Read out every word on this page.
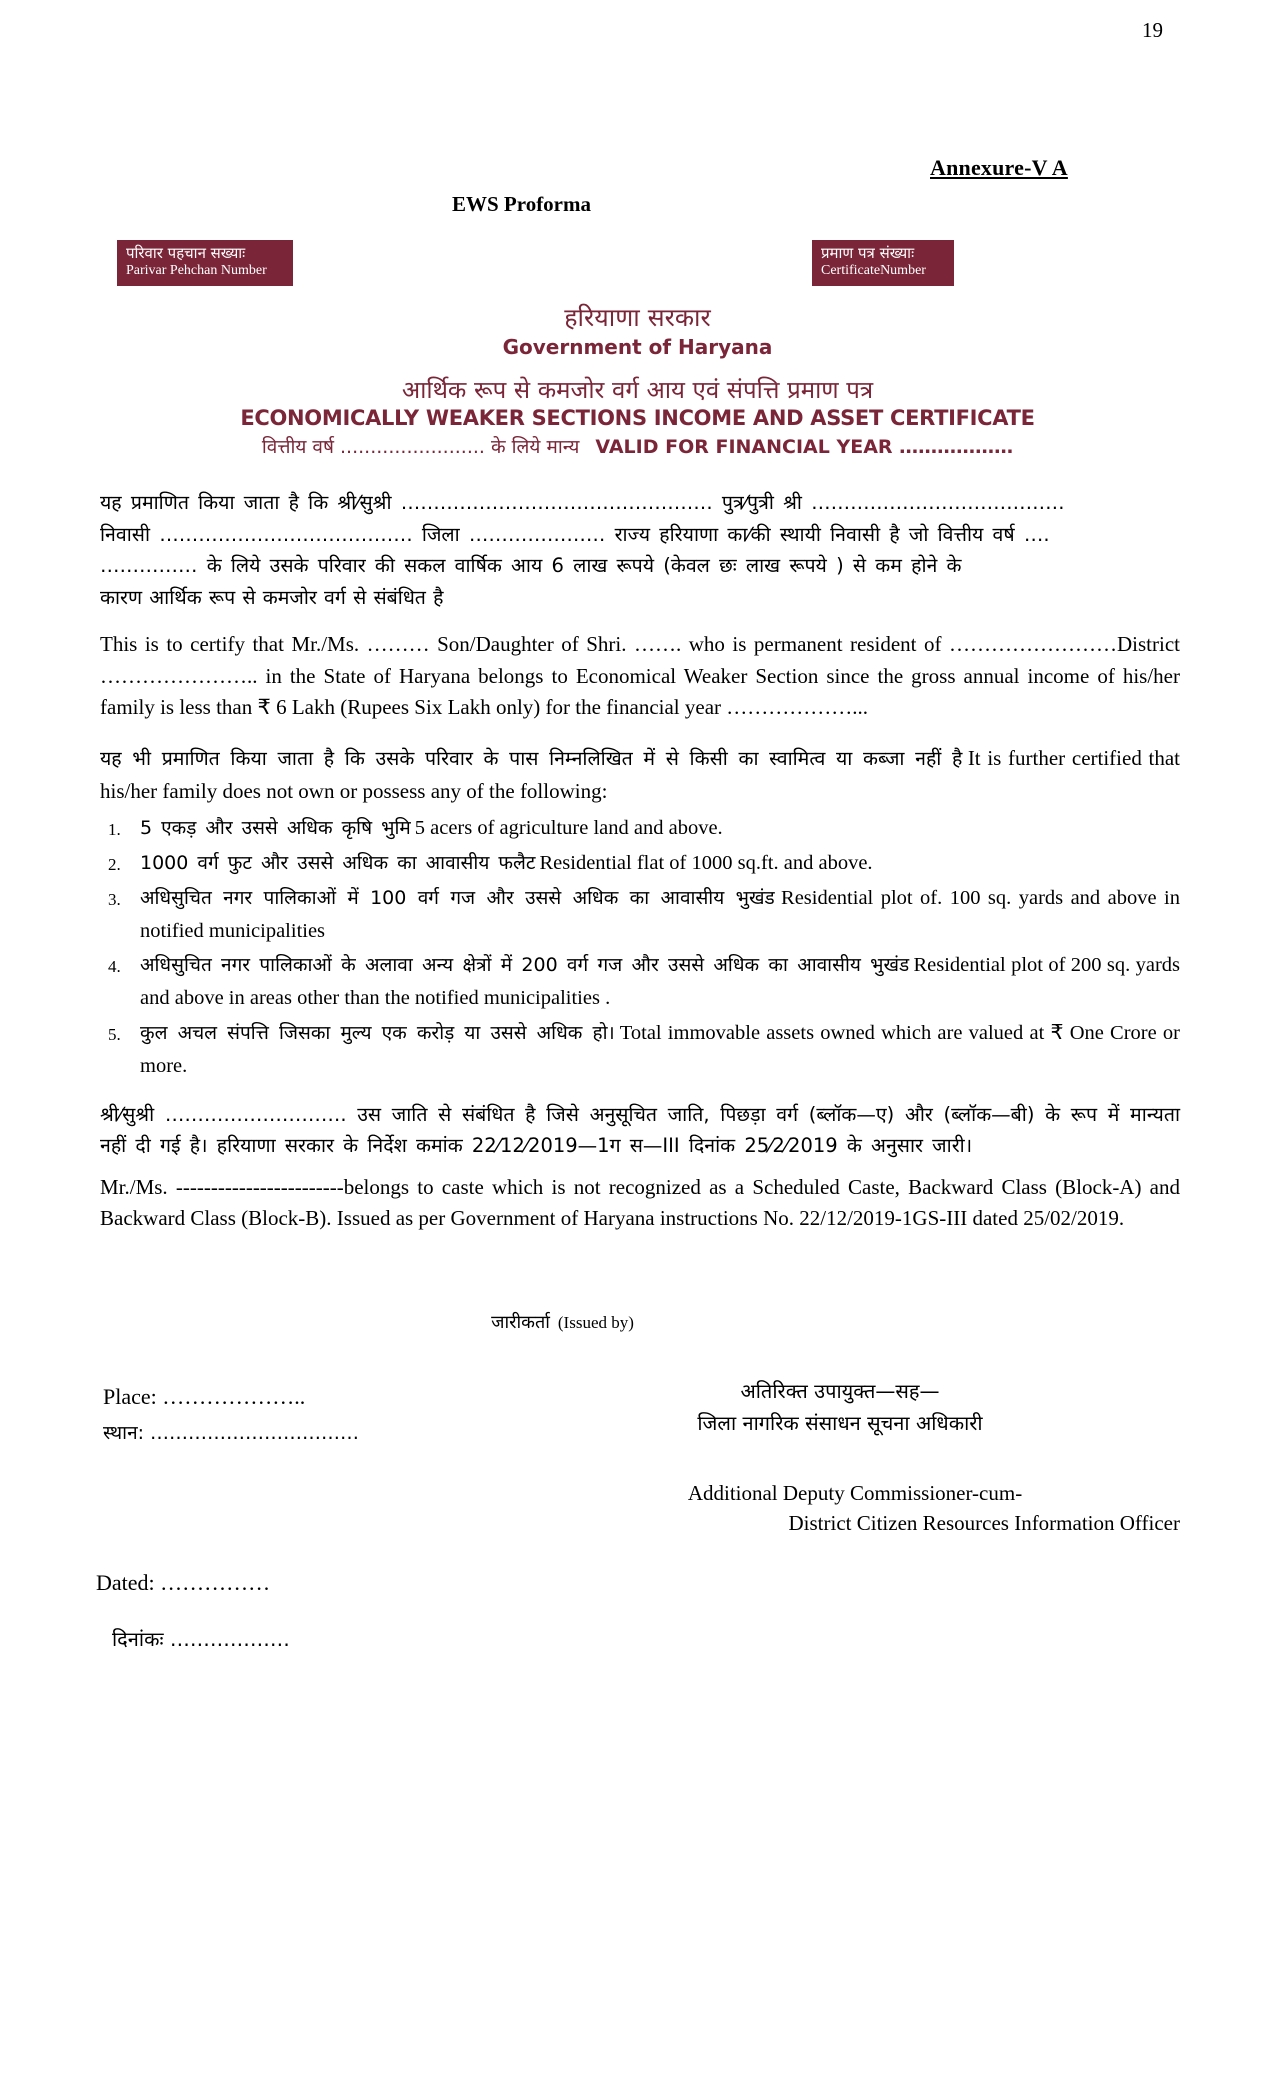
19
Annexure-V A
EWS Proforma
परिवार पहचान सख्याः
Parivar Pehchan Number
प्रमाण पत्र संख्याः
CertificateNumber
हरियाणा सरकार
Government of Haryana
आर्थिक रूप से कमजोर वर्ग आय एवं संपत्ति प्रमाण पत्र
ECONOMICALLY WEAKER SECTIONS INCOME AND ASSET CERTIFICATE
वित्तीय वर्ष ........................ के लिये मान्य VALID FOR FINANCIAL YEAR ………………

यह प्रमाणित किया जाता है कि श्री⁄सुश्री ………………………………………… पुत्र⁄पुत्री श्री …………………………………

निवासी ………………………………… जिला ………………… राज्य हरियाणा का⁄की स्थायी निवासी है जो वित्तीय वर्ष ….

…………… के लिये उसके परिवार की सकल वार्षिक आय 6 लाख रूपये (केवल छः लाख रूपये ) से कम होने के

कारण आर्थिक रूप से कमजोर वर्ग से संबंधित है

This is to certify that Mr./Ms. ……… Son/Daughter of Shri. ……. who is permanent resident of ……………………District ………………….. in the State of Haryana belongs to Economical Weaker Section since the gross annual income of his/her family is less than ₹ 6 Lakh (Rupees Six Lakh only) for the financial year ………………...

यह भी प्रमाणित किया जाता है कि उसके परिवार के पास निम्नलिखित में से किसी का स्वामित्व या कब्जा नहीं है It is further certified that his/her family does not own or possess any of the following:

1. 5 एकड़ और उससे अधिक कृषि भुमि 5 acers of agriculture land and above.
2. 1000 वर्ग फुट और उससे अधिक का आवासीय फलैट Residential flat of 1000 sq.ft. and above.
3. अधिसुचित नगर पालिकाओं में 100 वर्ग गज और उससे अधिक का आवासीय भुखंड Residential plot of. 100 sq. yards and above in notified municipalities
4. अधिसुचित नगर पालिकाओं के अलावा अन्य क्षेत्रों में 200 वर्ग गज और उससे अधिक का आवासीय भुखंड Residential plot of 200 sq. yards and above in areas other than the notified municipalities .
5. कुल अचल संपत्ति जिसका मुल्य एक करोड़ या उससे अधिक हो। Total immovable assets owned which are valued at ₹ One Crore or more.

श्री⁄सुश्री ………………………. उस जाति से संबंधित है जिसे अनुसूचित जाति, पिछड़ा वर्ग (ब्लॉक—ए) और (ब्लॉक—बी) के रूप में मान्यता नहीं दी गई है। हरियाणा सरकार के निर्देश कमांक 22⁄12⁄2019—1ग स—III दिनांक 25⁄2⁄2019 के अनुसार जारी।

Mr./Ms. ------------------------belongs to caste which is not recognized as a Scheduled Caste, Backward Class (Block-A) and Backward Class (Block-B). Issued as per Government of Haryana instructions No. 22/12/2019-1GS-III dated 25/02/2019.

जारीकर्ता (Issued by)
Place: ………………..
स्थान: ……………………………
अतिरिक्त उपायुक्त—सह—
जिला नागरिक संसाधन सूचना अधिकारी
Additional Deputy Commissioner-cum-
District Citizen Resources Information Officer
Dated: ……………
दिनांकः ………………
